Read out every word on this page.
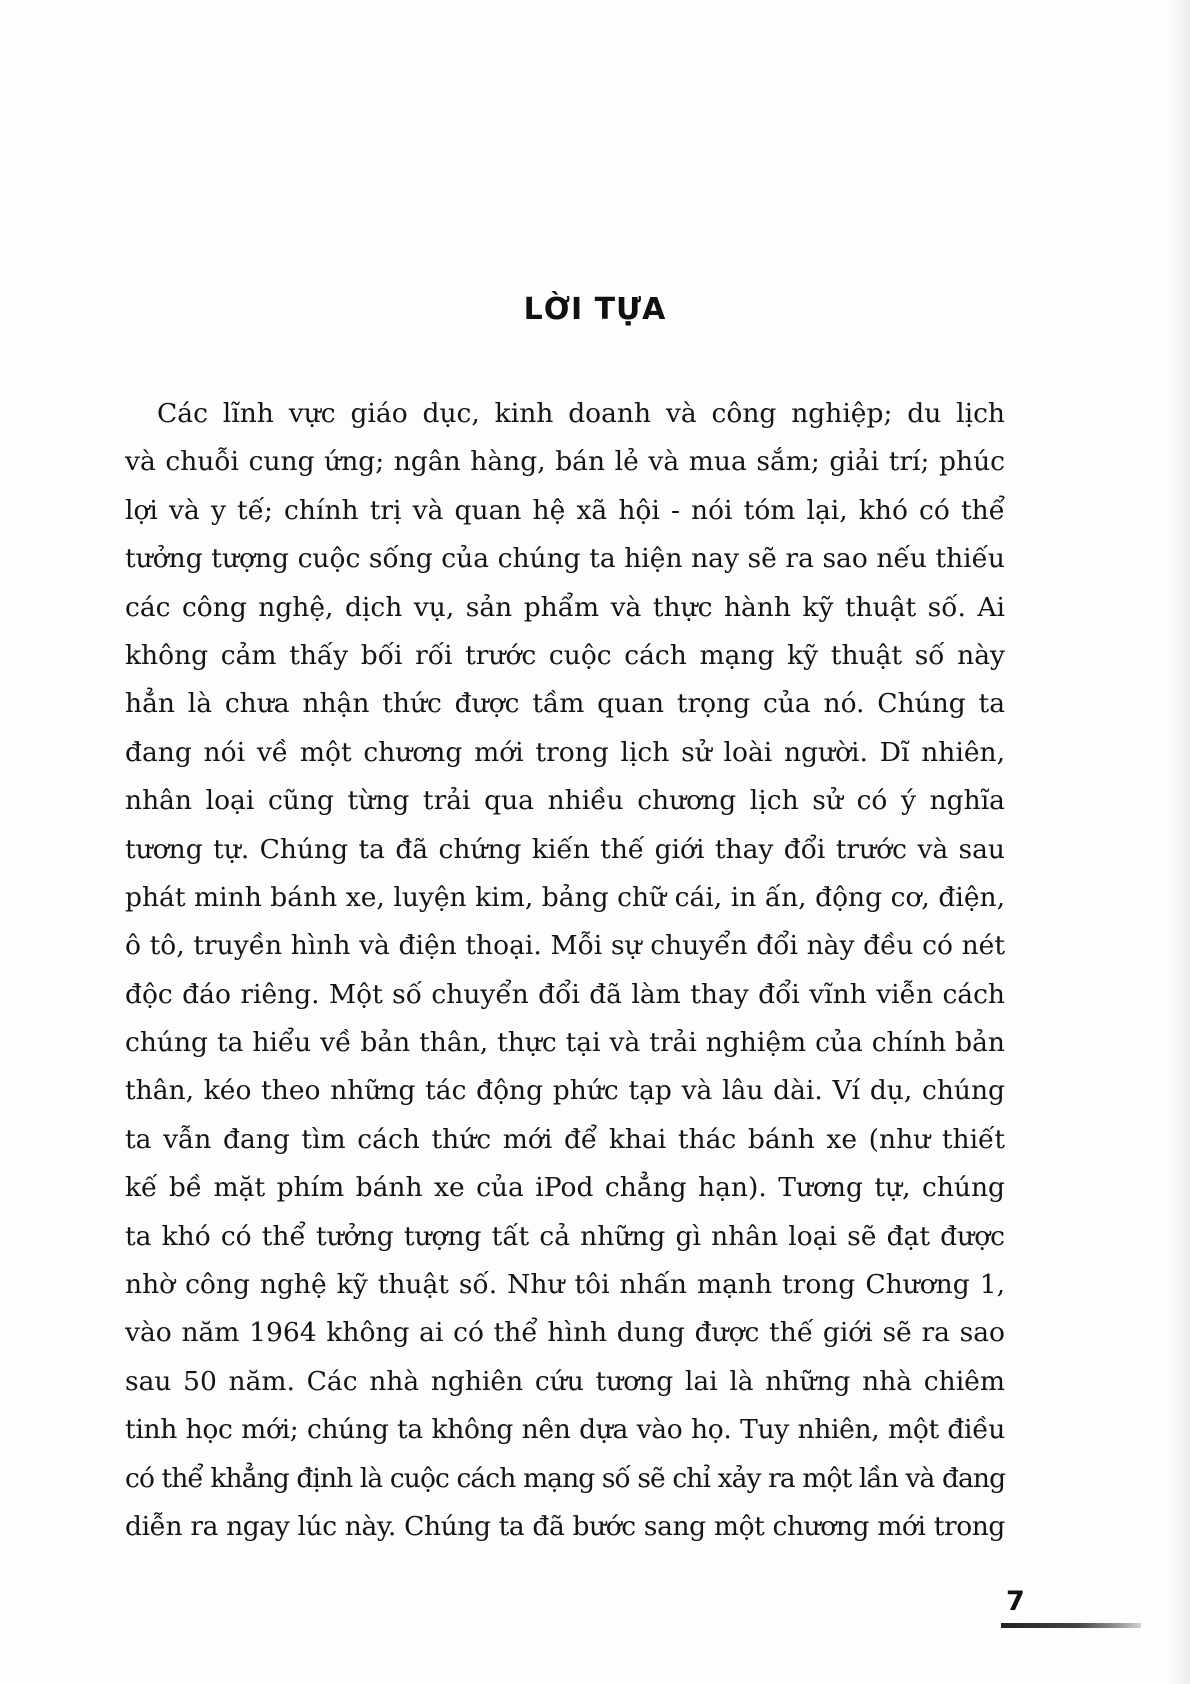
LỜI TỰA
Các lĩnh vực giáo dục, kinh doanh và công nghiệp; du lịch
và chuỗi cung ứng; ngân hàng, bán lẻ và mua sắm; giải trí; phúc
lợi và y tế; chính trị và quan hệ xã hội - nói tóm lại, khó có thể
tưởng tượng cuộc sống của chúng ta hiện nay sẽ ra sao nếu thiếu
các công nghệ, dịch vụ, sản phẩm và thực hành kỹ thuật số. Ai
không cảm thấy bối rối trước cuộc cách mạng kỹ thuật số này
hẳn là chưa nhận thức được tầm quan trọng của nó. Chúng ta
đang nói về một chương mới trong lịch sử loài người. Dĩ nhiên,
nhân loại cũng từng trải qua nhiều chương lịch sử có ý nghĩa
tương tự. Chúng ta đã chứng kiến thế giới thay đổi trước và sau
phát minh bánh xe, luyện kim, bảng chữ cái, in ấn, động cơ, điện,
ô tô, truyền hình và điện thoại. Mỗi sự chuyển đổi này đều có nét
độc đáo riêng. Một số chuyển đổi đã làm thay đổi vĩnh viễn cách
chúng ta hiểu về bản thân, thực tại và trải nghiệm của chính bản
thân, kéo theo những tác động phức tạp và lâu dài. Ví dụ, chúng
ta vẫn đang tìm cách thức mới để khai thác bánh xe (như thiết
kế bề mặt phím bánh xe của iPod chẳng hạn). Tương tự, chúng
ta khó có thể tưởng tượng tất cả những gì nhân loại sẽ đạt được
nhờ công nghệ kỹ thuật số. Như tôi nhấn mạnh trong Chương 1,
vào năm 1964 không ai có thể hình dung được thế giới sẽ ra sao
sau 50 năm. Các nhà nghiên cứu tương lai là những nhà chiêm
tinh học mới; chúng ta không nên dựa vào họ. Tuy nhiên, một điều
có thể khẳng định là cuộc cách mạng số sẽ chỉ xảy ra một lần và đang
diễn ra ngay lúc này. Chúng ta đã bước sang một chương mới trong
7
